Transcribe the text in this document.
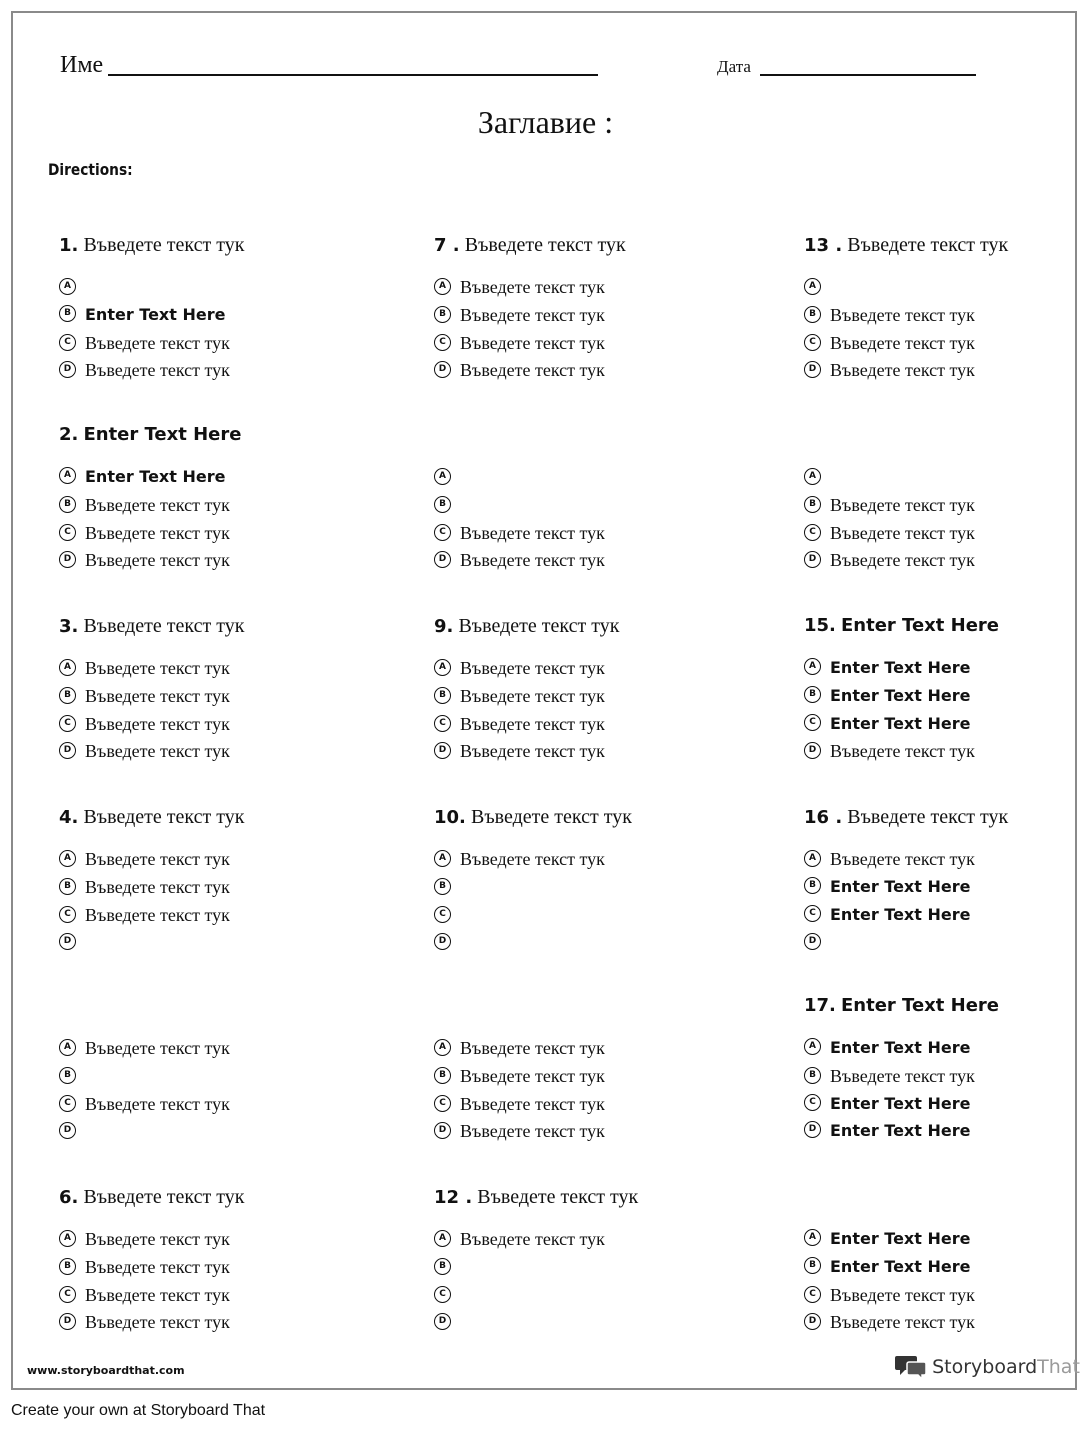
Име	Дата
Заглавие :
Directions:
1. Въведете текст тук
A
B Enter Text Here
C Въведете текст тук
D Въведете текст тук
2. Enter Text Here
A Enter Text Here
B Въведете текст тук
C Въведете текст тук
D Въведете текст тук
3. Въведете текст тук
A Въведете текст тук
B Въведете текст тук
C Въведете текст тук
D Въведете текст тук
4. Въведете текст тук
A Въведете текст тук
B Въведете текст тук
C Въведете текст тук
D
A Въведете текст тук
B
C Въведете текст тук
D
6. Въведете текст тук
A Въведете текст тук
B Въведете текст тук
C Въведете текст тук
D Въведете текст тук
7 . Въведете текст тук
A Въведете текст тук
B Въведете текст тук
C Въведете текст тук
D Въведете текст тук
A
B
C Въведете текст тук
D Въведете текст тук
9. Въведете текст тук
A Въведете текст тук
B Въведете текст тук
C Въведете текст тук
D Въведете текст тук
10. Въведете текст тук
A Въведете текст тук
B
C
D
A Въведете текст тук
B Въведете текст тук
C Въведете текст тук
D Въведете текст тук
12 . Въведете текст тук
A Въведете текст тук
B
C
D
13 . Въведете текст тук
A
B Въведете текст тук
C Въведете текст тук
D Въведете текст тук
A
B Въведете текст тук
C Въведете текст тук
D Въведете текст тук
15. Enter Text Here
A Enter Text Here
B Enter Text Here
C Enter Text Here
D Въведете текст тук
16 . Въведете текст тук
A Въведете текст тук
B Enter Text Here
C Enter Text Here
D
17. Enter Text Here
A Enter Text Here
B Въведете текст тук
C Enter Text Here
D Enter Text Here
A Enter Text Here
B Enter Text Here
C Въведете текст тук
D Въведете текст тук
www.storyboardthat.com	StoryboardThat
Create your own at Storyboard That
